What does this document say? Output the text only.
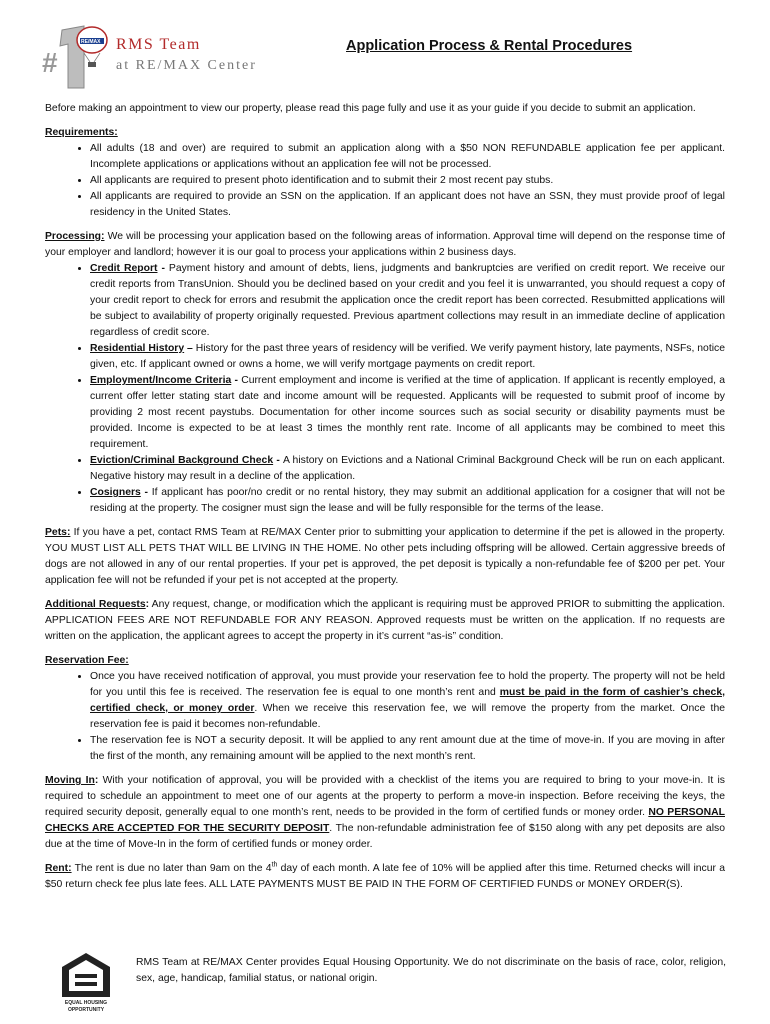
#
RE/MAX RMS Team
at RE/MAX Center
Application Process & Rental Procedures

Before making an appointment to view our property, please read this page fully and use it as your guide if you decide to submit an application.

Requirements:
• All adults (18 and over) are required to submit an application along with a $50 NON REFUNDABLE application fee per applicant. Incomplete applications or applications without an application fee will not be processed.
• All applicants are required to present photo identification and to submit their 2 most recent pay stubs.
• All applicants are required to provide an SSN on the application. If an applicant does not have an SSN, they must provide proof of legal residency in the United States.

Processing: We will be processing your application based on the following areas of information. Approval time will depend on the response time of your employer and landlord; however it is our goal to process your applications within 2 business days.

• Credit Report - Payment history and amount of debts, liens, judgments and bankruptcies are verified on credit report. We receive our credit reports from TransUnion. Should you be declined based on your credit and you feel it is unwarranted, you should request a copy of your credit report to check for errors and resubmit the application once the credit report has been corrected. Resubmitted applications will be subject to availability of property originally requested. Previous apartment collections may result in an immediate decline of application regardless of credit score.
• Residential History – History for the past three years of residency will be verified. We verify payment history, late payments, NSFs, notice given, etc. If applicant owned or owns a home, we will verify mortgage payments on credit report.
• Employment/Income Criteria - Current employment and income is verified at the time of application. If applicant is recently employed, a current offer letter stating start date and income amount will be requested. Applicants will be requested to submit proof of income by providing 2 most recent paystubs. Documentation for other income sources such as social security or disability payments must be provided. Income is expected to be at least 3 times the monthly rent rate. Income of all applicants may be combined to meet this requirement.
• Eviction/Criminal Background Check - A history on Evictions and a National Criminal Background Check will be run on each applicant. Negative history may result in a decline of the application.
• Cosigners - If applicant has poor/no credit or no rental history, they may submit an additional application for a cosigner that will not be residing at the property. The cosigner must sign the lease and will be fully responsible for the terms of the lease.

Pets: If you have a pet, contact RMS Team at RE/MAX Center prior to submitting your application to determine if the pet is allowed in the property. YOU MUST LIST ALL PETS THAT WILL BE LIVING IN THE HOME. No other pets including offspring will be allowed. Certain aggressive breeds of dogs are not allowed in any of our rental properties. If your pet is approved, the pet deposit is typically a non-refundable fee of $200 per pet. Your application fee will not be refunded if your pet is not accepted at the property.

Additional Requests: Any request, change, or modification which the applicant is requiring must be approved PRIOR to submitting the application. APPLICATION FEES ARE NOT REFUNDABLE FOR ANY REASON. Approved requests must be written on the application. If no requests are written on the application, the applicant agrees to accept the property in it’s current “as-is” condition.

Reservation Fee:
• Once you have received notification of approval, you must provide your reservation fee to hold the property. The property will not be held for you until this fee is received. The reservation fee is equal to one month’s rent and must be paid in the form of cashier’s check, certified check, or money order. When we receive this reservation fee, we will remove the property from the market. Once the reservation fee is paid it becomes non-refundable.
• The reservation fee is NOT a security deposit. It will be applied to any rent amount due at the time of move-in. If you are moving in after the first of the month, any remaining amount will be applied to the next month’s rent.

Moving In: With your notification of approval, you will be provided with a checklist of the items you are required to bring to your move-in. It is required to schedule an appointment to meet one of our agents at the property to perform a move-in inspection. Before receiving the keys, the required security deposit, generally equal to one month’s rent, needs to be provided in the form of certified funds or money order. NO PERSONAL CHECKS ARE ACCEPTED FOR THE SECURITY DEPOSIT. The non-refundable administration fee of $150 along with any pet deposits are also due at the time of Move-In in the form of certified funds or money order.

Rent: The rent is due no later than 9am on the 4th day of each month. A late fee of 10% will be applied after this time. Returned checks will incur a $50 return check fee plus late fees. ALL LATE PAYMENTS MUST BE PAID IN THE FORM OF CERTIFIED FUNDS or MONEY ORDER(S).

EQUAL HOUSING
OPPORTUNITY
RMS Team at RE/MAX Center provides Equal Housing Opportunity. We do not discriminate on the basis of race, color, religion, sex, age, handicap, familial status, or national origin.
